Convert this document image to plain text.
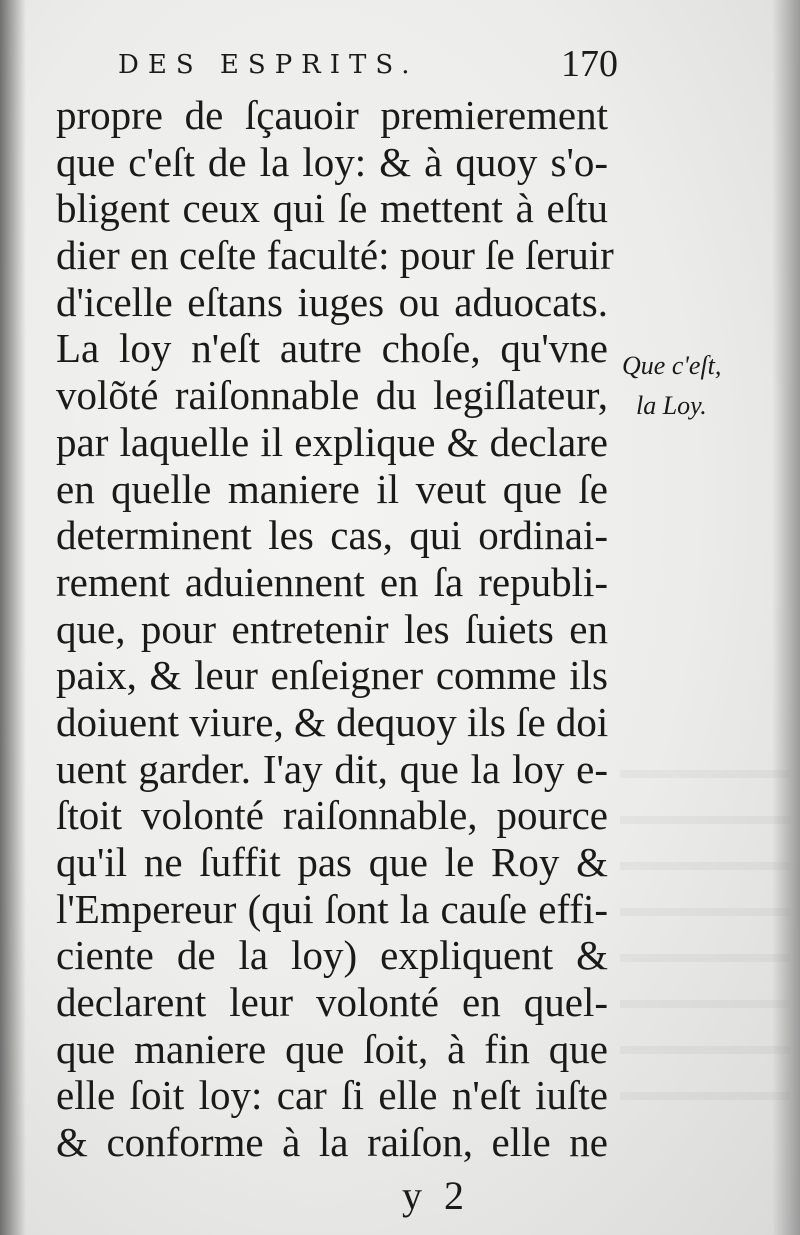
DES ESPRITS.	170
propre de ſçauoir premierement
que c'eſt de la loy: & à quoy s'o-
bligent ceux qui ſe mettent à eſtu
dier en ceſte faculté: pour ſe ſeruir
d'icelle eſtans iuges ou aduocats.
La loy n'eſt autre choſe, qu'vne
volõté raiſonnable du legiſlateur,
par laquelle il explique & declare
en quelle maniere il veut que ſe
determinent les cas, qui ordinai-
rement aduiennent en ſa republi-
que, pour entretenir les ſuiets en
paix, & leur enſeigner comme ils
doiuent viure, & dequoy ils ſe doi
uent garder. I'ay dit, que la loy e-
ſtoit volonté raiſonnable, pource
qu'il ne ſuffit pas que le Roy &
l'Empereur (qui ſont la cauſe effi-
ciente de la loy) expliquent &
declarent leur volonté en quel-
que maniere que ſoit, à fin que
elle ſoit loy: car ſi elle n'eſt iuſte
& conforme à la raiſon, elle ne
Que c'eſt,
la Loy.
y 2
